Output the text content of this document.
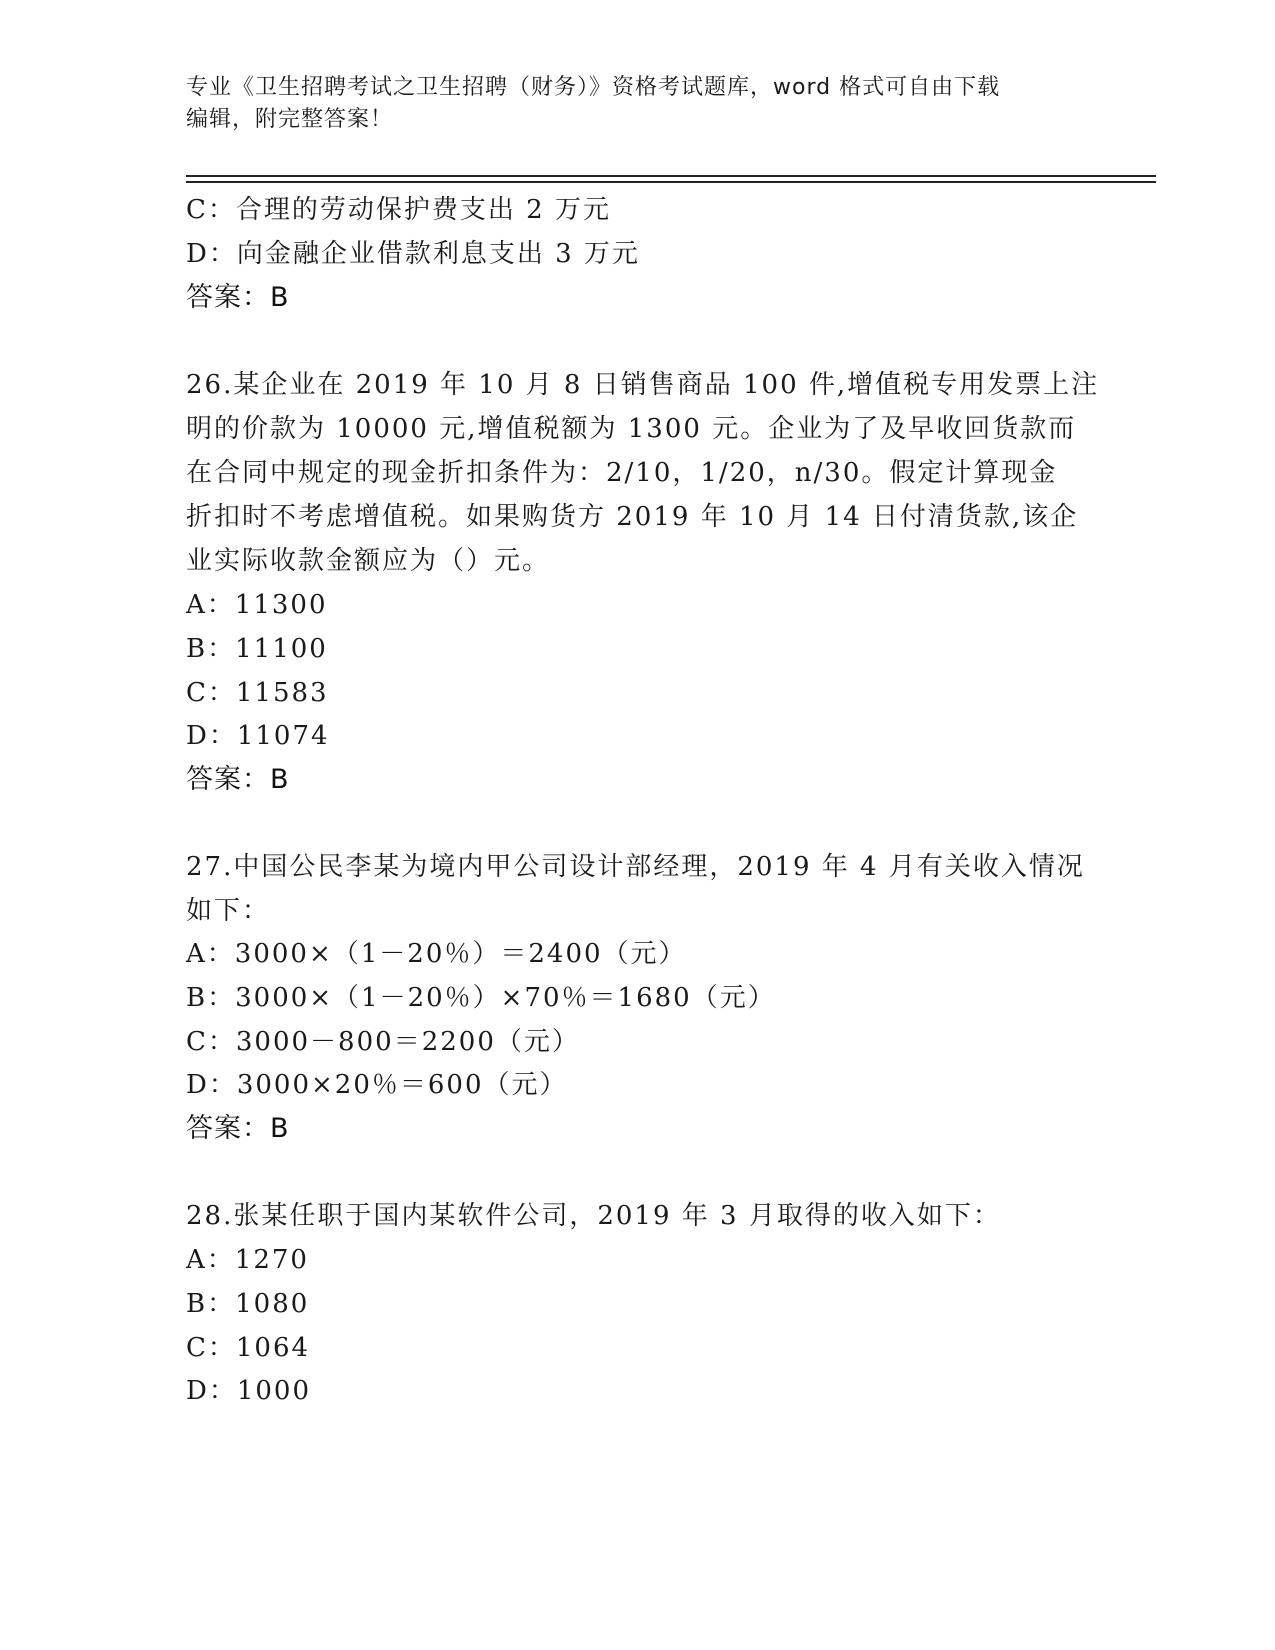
专业《卫生招聘考试之卫生招聘（财务）》资格考试题库，word 格式可自由下载
编辑，附完整答案！
C：合理的劳动保护费支出 2 万元
D：向金融企业借款利息支出 3 万元
答案：B
26.某企业在 2019 年 10 月 8 日销售商品 100 件,增值税专用发票上注
明的价款为 10000 元,增值税额为 1300 元。企业为了及早收回货款而
在合同中规定的现金折扣条件为：2/10，1/20，n/30。假定计算现金
折扣时不考虑增值税。如果购货方 2019 年 10 月 14 日付清货款,该企
业实际收款金额应为（）元。
A：11300
B：11100
C：11583
D：11074
答案：B
27.中国公民李某为境内甲公司设计部经理，2019 年 4 月有关收入情况
如下：
A：3000×（1－20％）＝2400（元）
B：3000×（1－20％）×70％＝1680（元）
C：3000－800＝2200（元）
D：3000×20％＝600（元）
答案：B
28.张某任职于国内某软件公司，2019 年 3 月取得的收入如下：
A：1270
B：1080
C：1064
D：1000
